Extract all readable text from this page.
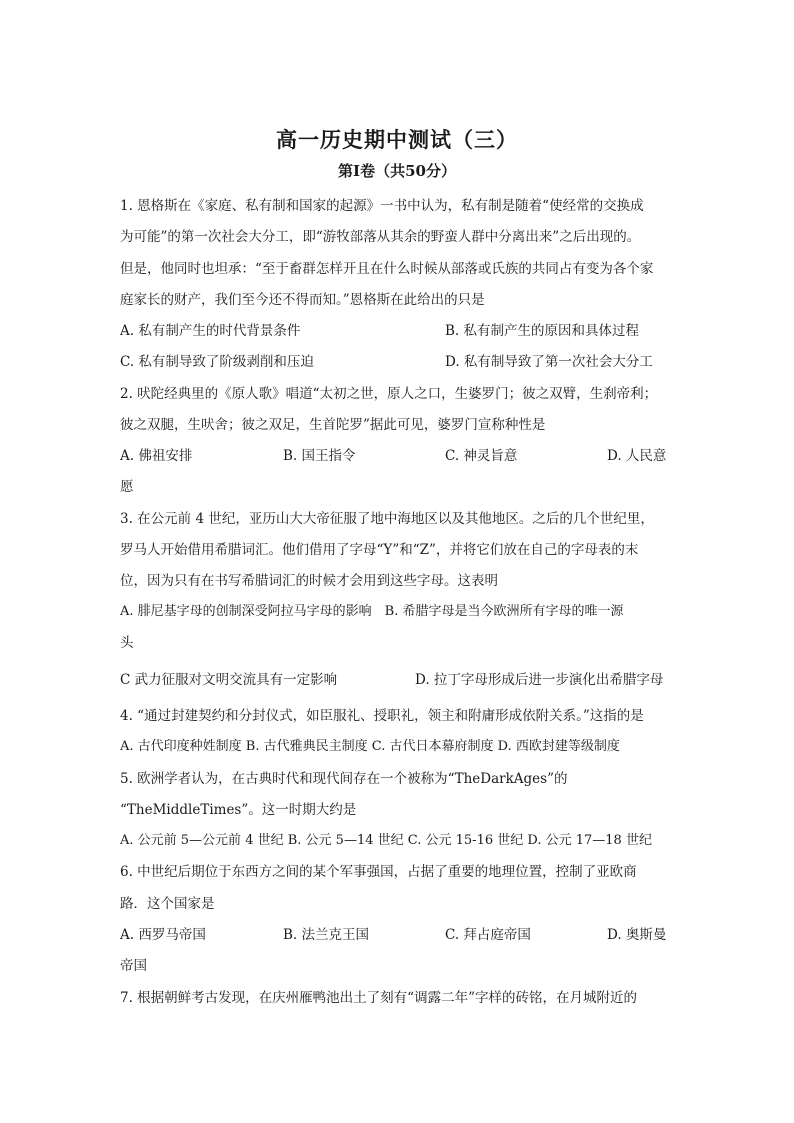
高一历史期中测试（三）
第Ⅰ卷（共50分）
1. 恩格斯在《家庭、私有制和国家的起源》一书中认为，私有制是随着“使经常的交换成
为可能”的第一次社会大分工，即“游牧部落从其余的野蛮人群中分离出来”之后出现的。
但是，他同时也坦承：“至于畜群怎样开且在什么时候从部落或氏族的共同占有变为各个家
庭家长的财产，我们至今还不得而知。”恩格斯在此给出的只是
A. 私有制产生的时代背景条件	B. 私有制产生的原因和具体过程
C. 私有制导致了阶级剥削和压迫	D. 私有制导致了第一次社会大分工
2. 吠陀经典里的《原人歌》唱道“太初之世，原人之口，生婆罗门；彼之双臂，生刹帝利；
彼之双腿，生吠舍；彼之双足，生首陀罗”据此可见，婆罗门宣称种性是
A. 佛祖安排	B. 国王指令	C. 神灵旨意	D. 人民意
愿
3. 在公元前 4 世纪，亚历山大大帝征服了地中海地区以及其他地区。之后的几个世纪里，
罗马人开始借用希腊词汇。他们借用了字母“Y”和“Z”，并将它们放在自己的字母表的末
位，因为只有在书写希腊词汇的时候才会用到这些字母。这表明
A. 腓尼基字母的创制深受阿拉马字母的影响　B. 希腊字母是当今欧洲所有字母的唯一源
头
C 武力征服对文明交流具有一定影响	D. 拉丁字母形成后进一步演化出希腊字母
4. “通过封建契约和分封仪式，如臣服礼、授职礼，领主和附庸形成依附关系。”这指的是
A. 古代印度种姓制度 B. 古代雅典民主制度 C. 古代日本幕府制度 D. 西欧封建等级制度
5. 欧洲学者认为，在古典时代和现代间存在一个被称为“TheDarkAges”的
“TheMiddleTimes”。这一时期大约是
A. 公元前 5—公元前 4 世纪 B. 公元 5—14 世纪 C. 公元 15-16 世纪 D. 公元 17—18 世纪
6. 中世纪后期位于东西方之间的某个军事强国，占据了重要的地理位置，控制了亚欧商
路．这个国家是
A. 西罗马帝国	B. 法兰克王国	C. 拜占庭帝国	D. 奥斯曼
帝国
7. 根据朝鲜考古发现，在庆州雁鸭池出土了刻有“调露二年”字样的砖铭，在月城附近的
